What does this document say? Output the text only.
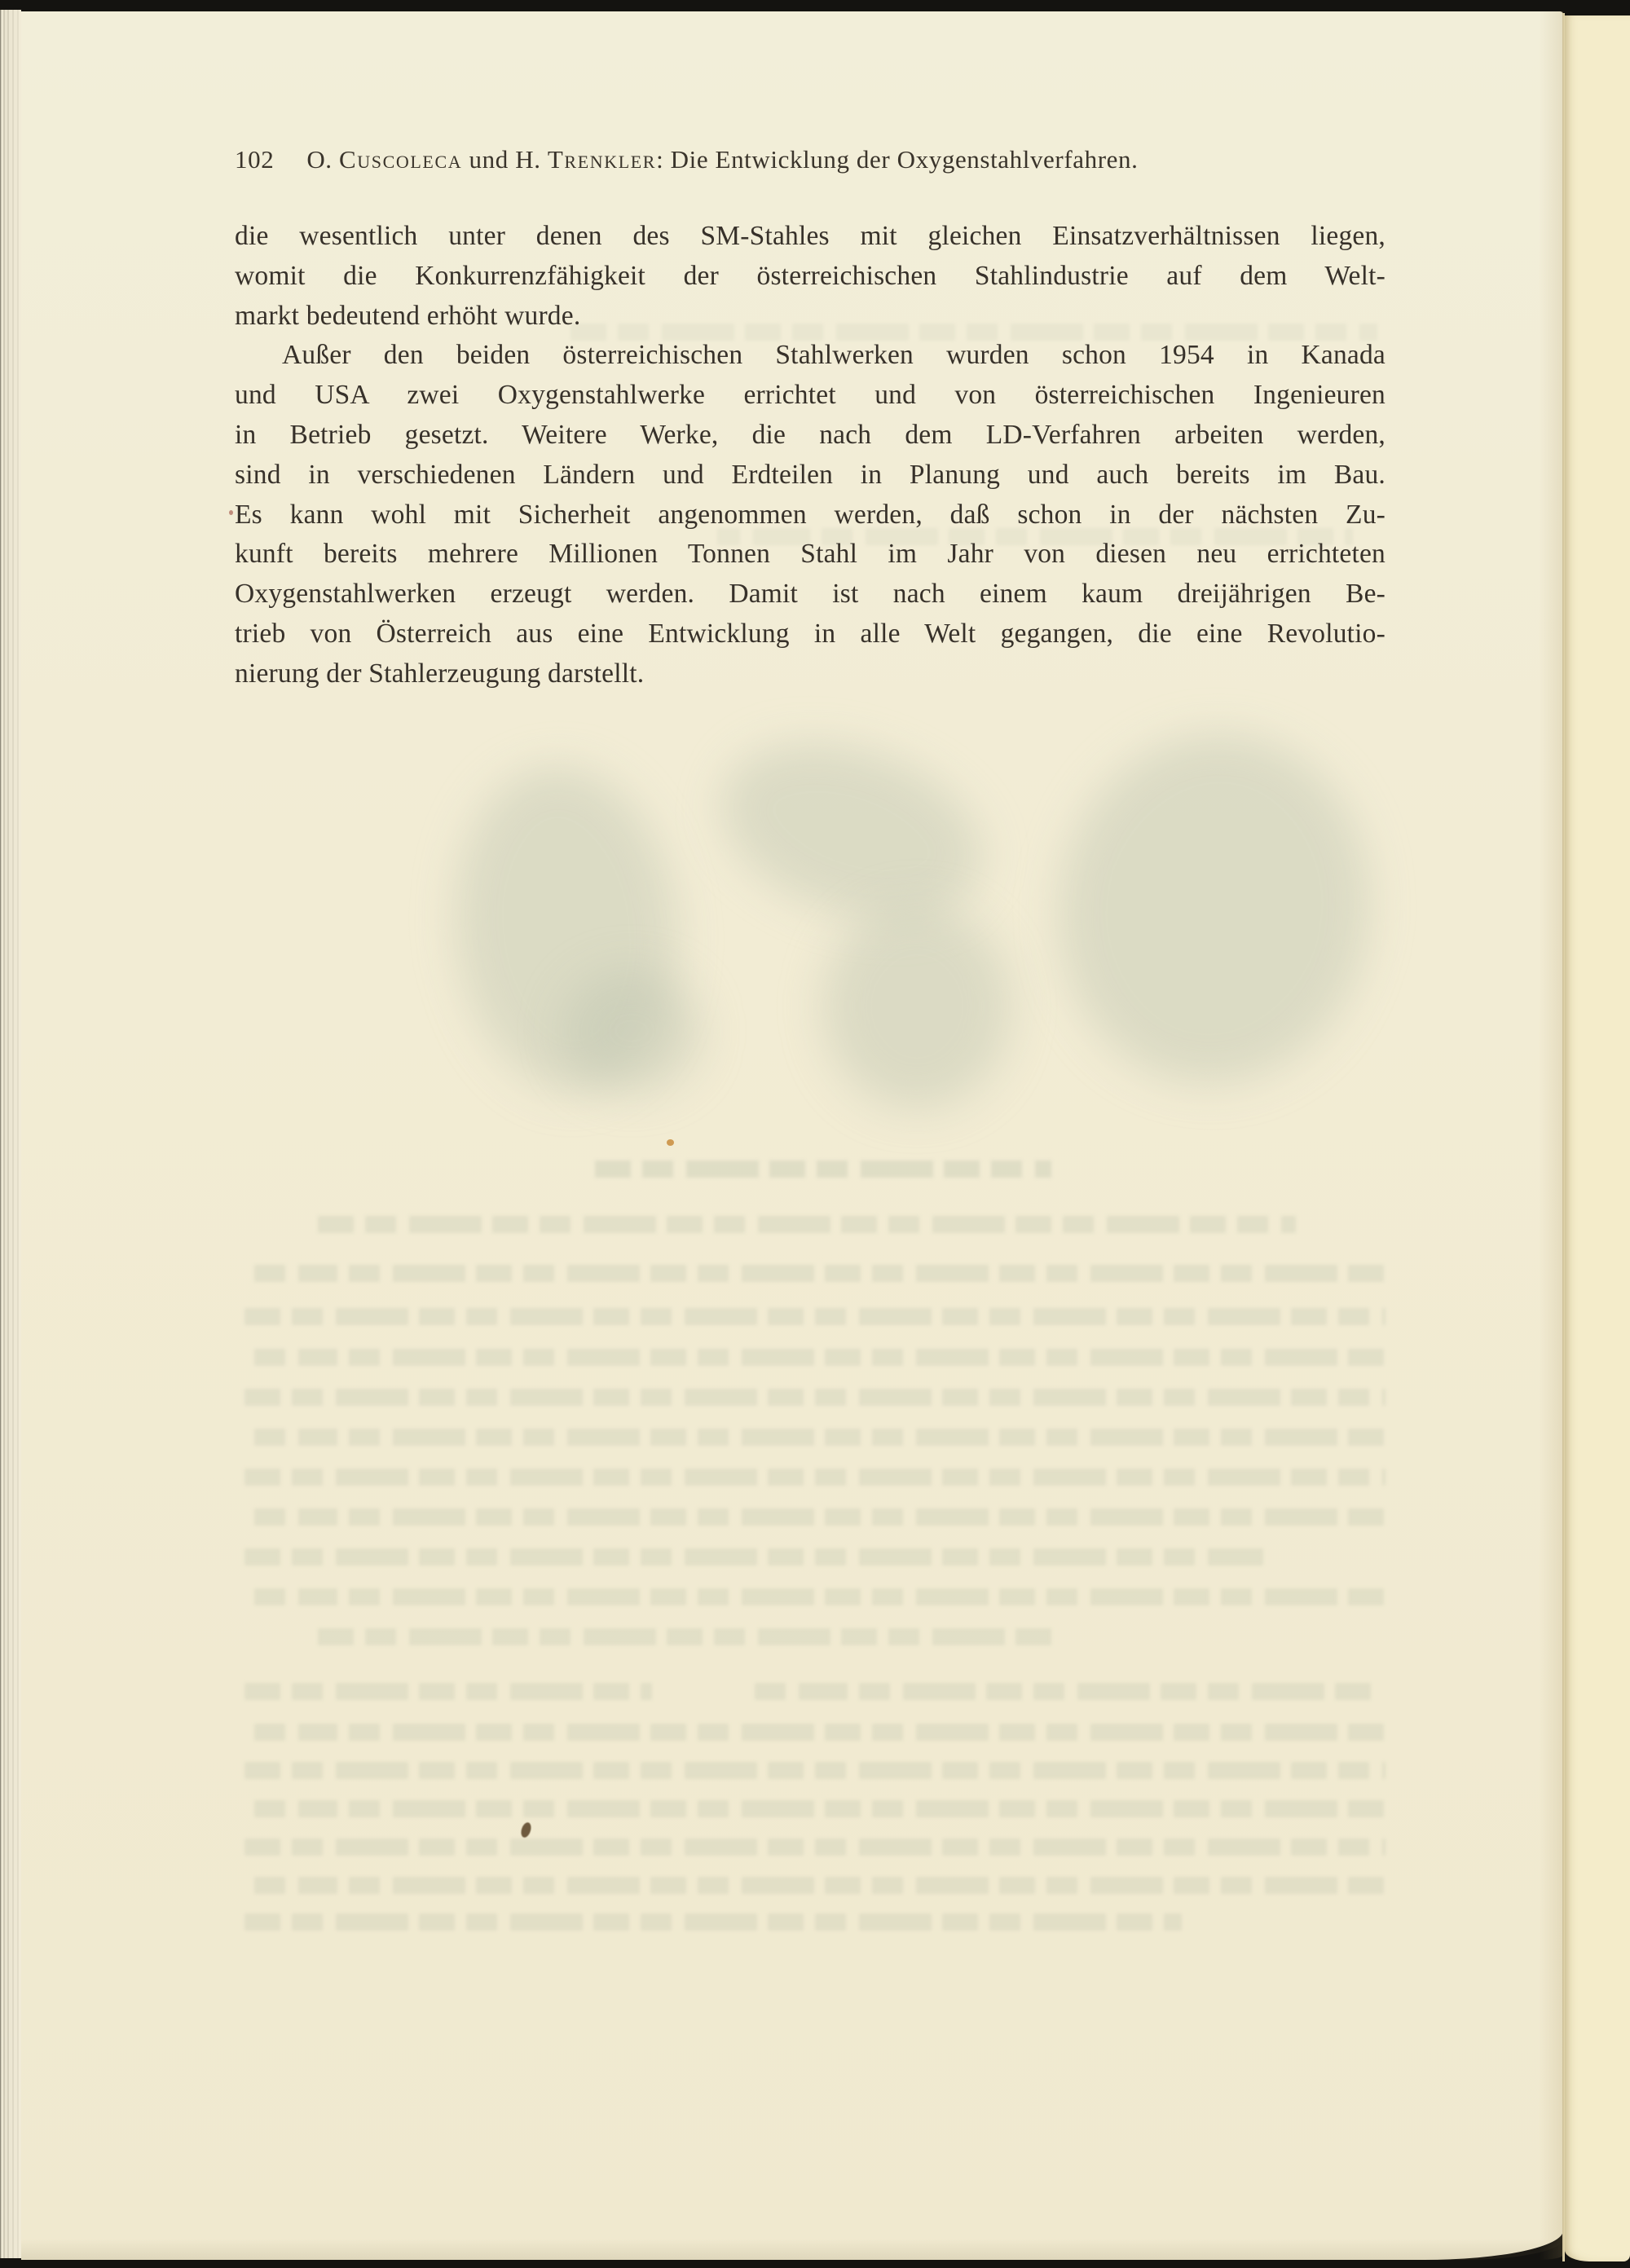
102 O. Cuscoleca und H. Trenkler: Die Entwicklung der Oxygenstahlverfahren.
die wesentlich unter denen des SM-Stahles mit gleichen Einsatzverhältnissen liegen,
womit die Konkurrenzfähigkeit der österreichischen Stahlindustrie auf dem Welt-
markt bedeutend erhöht wurde.
Außer den beiden österreichischen Stahlwerken wurden schon 1954 in Kanada
und USA zwei Oxygenstahlwerke errichtet und von österreichischen Ingenieuren
in Betrieb gesetzt. Weitere Werke, die nach dem LD-Verfahren arbeiten werden,
sind in verschiedenen Ländern und Erdteilen in Planung und auch bereits im Bau.
Es kann wohl mit Sicherheit angenommen werden, daß schon in der nächsten Zu-
kunft bereits mehrere Millionen Tonnen Stahl im Jahr von diesen neu errichteten
Oxygenstahlwerken erzeugt werden. Damit ist nach einem kaum dreijährigen Be-
trieb von Österreich aus eine Entwicklung in alle Welt gegangen, die eine Revolutio-
nierung der Stahlerzeugung darstellt.
